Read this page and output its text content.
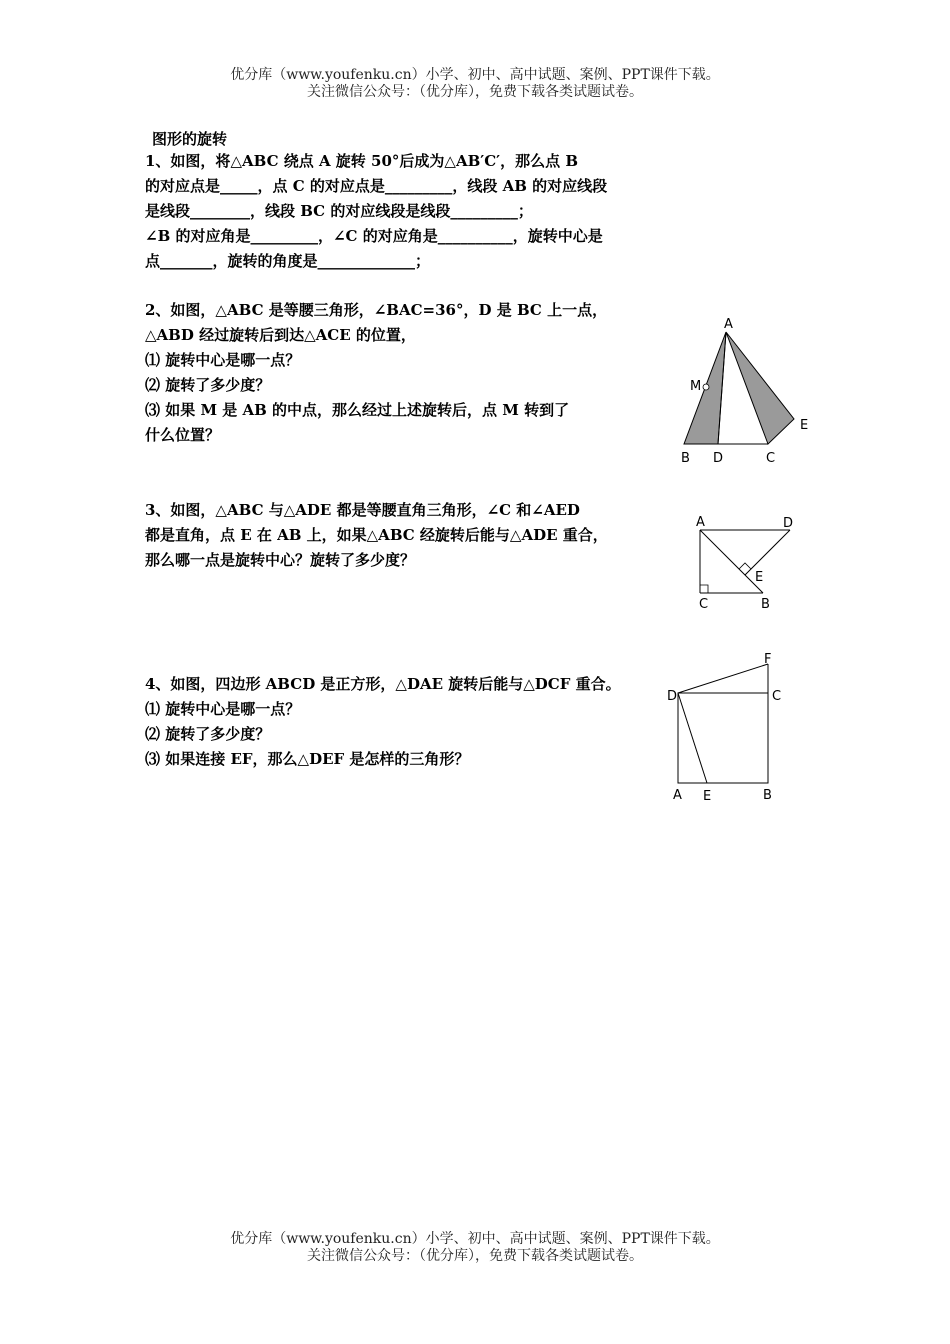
优分库（www.youfenku.cn）小学、初中、高中试题、案例、PPT课件下载。
关注微信公众号：（优分库），免费下载各类试题试卷。
图形的旋转
1、如图，将△ABC 绕点 A 旋转 50°后成为△AB′C′，那么点 B
的对应点是_____，点 C 的对应点是_________，线段 AB 的对应线段
是线段________，线段 BC 的对应线段是线段_________；
∠B 的对应角是_________，∠C 的对应角是__________，旋转中心是
点_______，旋转的角度是_____________；
2、如图，△ABC 是等腰三角形，∠BAC=36°，D 是 BC 上一点，
△ABD 经过旋转后到达△ACE 的位置，
⑴ 旋转中心是哪一点？
⑵ 旋转了多少度？
⑶ 如果 M 是 AB 的中点，那么经过上述旋转后，点 M 转到了
什么位置？
A
M
E
B D	C
3、如图，△ABC 与△ADE 都是等腰直角三角形，∠C 和∠AED
都是直角，点 E 在 AB 上，如果△ABC 经旋转后能与△ADE 重合，
那么哪一点是旋转中心？旋转了多少度？
A	D
E
C	B
4、如图，四边形 ABCD 是正方形，△DAE 旋转后能与△DCF 重合。
⑴ 旋转中心是哪一点？
⑵ 旋转了多少度？
⑶ 如果连接 EF，那么△DEF 是怎样的三角形？
F
D	C
A E	B
优分库（www.youfenku.cn）小学、初中、高中试题、案例、PPT课件下载。
关注微信公众号：（优分库），免费下载各类试题试卷。
